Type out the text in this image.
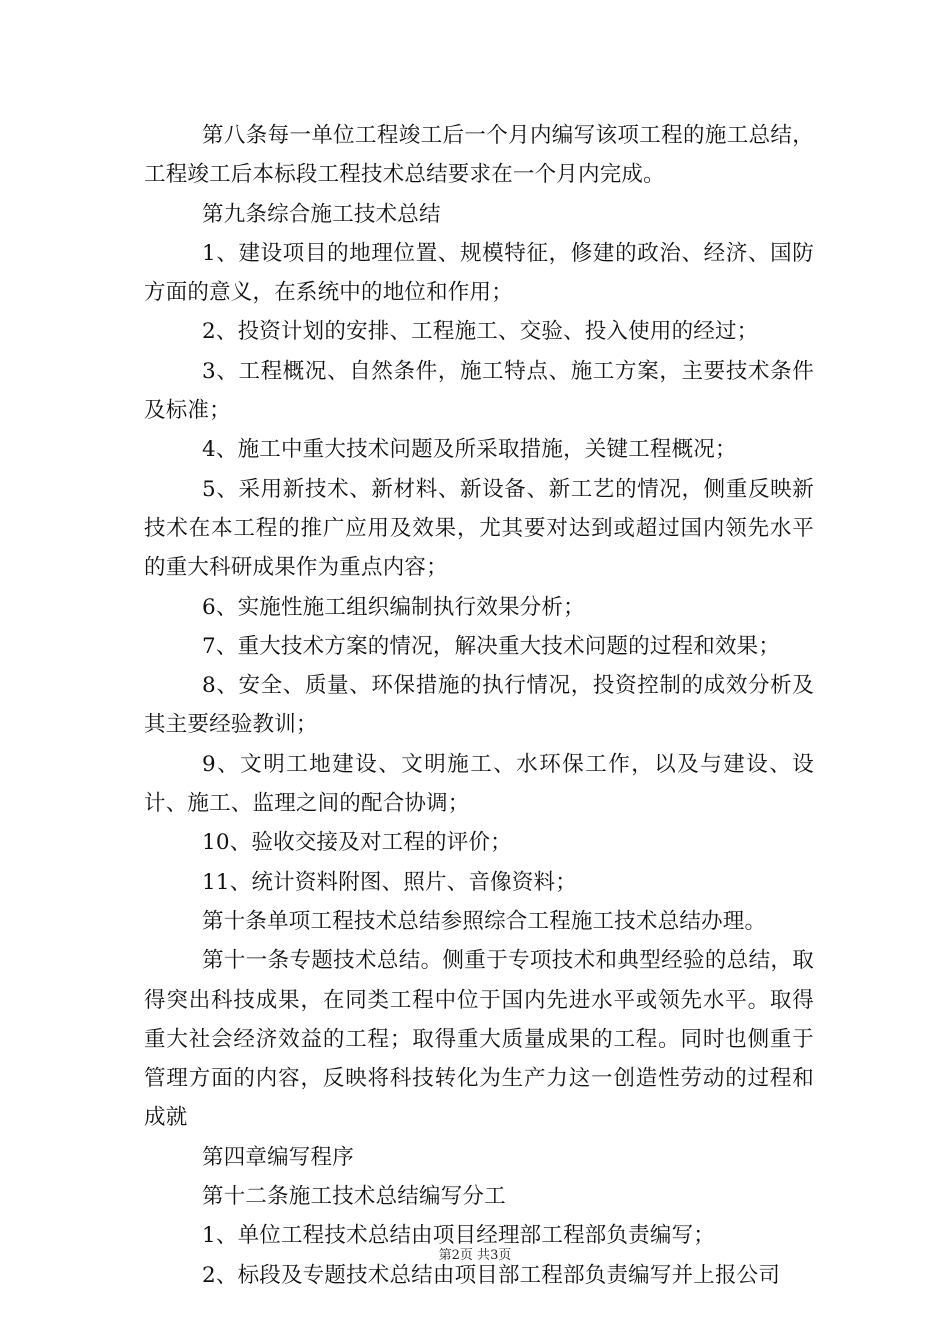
第八条每一单位工程竣工后一个月内编写该项工程的施工总结，工程竣工后本标段工程技术总结要求在一个月内完成。

第九条综合施工技术总结

1、建设项目的地理位置、规模特征，修建的政治、经济、国防方面的意义，在系统中的地位和作用；

2、投资计划的安排、工程施工、交验、投入使用的经过；

3、工程概况、自然条件，施工特点、施工方案，主要技术条件及标准；

4、施工中重大技术问题及所采取措施，关键工程概况；

5、采用新技术、新材料、新设备、新工艺的情况，侧重反映新技术在本工程的推广应用及效果，尤其要对达到或超过国内领先水平的重大科研成果作为重点内容；

6、实施性施工组织编制执行效果分析；

7、重大技术方案的情况，解决重大技术问题的过程和效果；

8、安全、质量、环保措施的执行情况，投资控制的成效分析及其主要经验教训；

9、文明工地建设、文明施工、水环保工作，以及与建设、设计、施工、监理之间的配合协调；

10、验收交接及对工程的评价；

11、统计资料附图、照片、音像资料；

第十条单项工程技术总结参照综合工程施工技术总结办理。

第十一条专题技术总结。侧重于专项技术和典型经验的总结，取得突出科技成果，在同类工程中位于国内先进水平或领先水平。取得重大社会经济效益的工程；取得重大质量成果的工程。同时也侧重于管理方面的内容，反映将科技转化为生产力这一创造性劳动的过程和成就

第四章编写程序

第十二条施工技术总结编写分工

1、单位工程技术总结由项目经理部工程部负责编写；

2、标段及专题技术总结由项目部工程部负责编写并上报公司

第2页 共3页
